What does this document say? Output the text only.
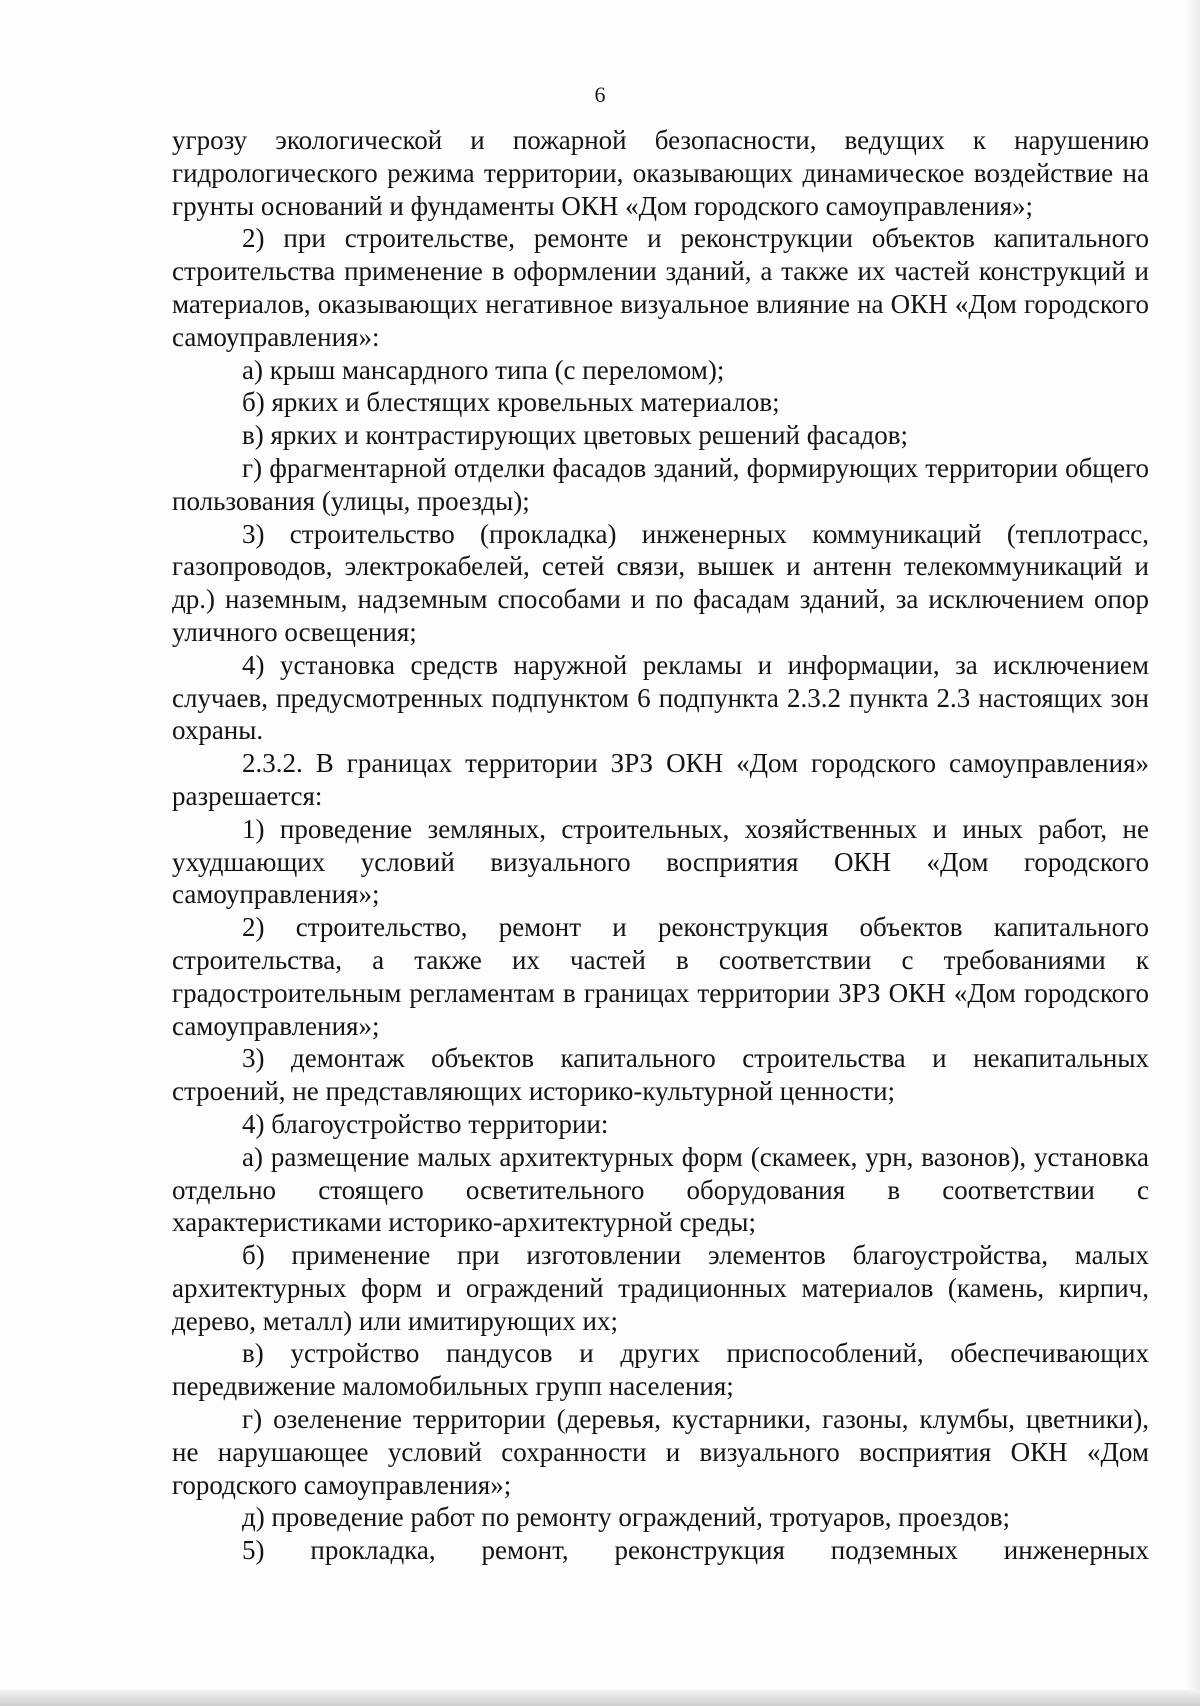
6

угрозу экологической и пожарной безопасности, ведущих к нарушению гидрологического режима территории, оказывающих динамическое воздействие на грунты оснований и фундаменты ОКН «Дом городского самоуправления»;

2) при строительстве, ремонте и реконструкции объектов капитального строительства применение в оформлении зданий, а также их частей конструкций и материалов, оказывающих негативное визуальное влияние на ОКН «Дом городского самоуправления»:

а) крыш мансардного типа (с переломом);

б) ярких и блестящих кровельных материалов;

в) ярких и контрастирующих цветовых решений фасадов;

г) фрагментарной отделки фасадов зданий, формирующих территории общего пользования (улицы, проезды);

3) строительство (прокладка) инженерных коммуникаций (теплотрасс, газопроводов, электрокабелей, сетей связи, вышек и антенн телекоммуникаций и др.) наземным, надземным способами и по фасадам зданий, за исключением опор уличного освещения;

4) установка средств наружной рекламы и информации, за исключением случаев, предусмотренных подпунктом 6 подпункта 2.3.2 пункта 2.3 настоящих зон охраны.

2.3.2. В границах территории ЗРЗ ОКН «Дом городского самоуправления» разрешается:

1) проведение земляных, строительных, хозяйственных и иных работ, не ухудшающих условий визуального восприятия ОКН «Дом городского самоуправления»;

2) строительство, ремонт и реконструкция объектов капитального строительства, а также их частей в соответствии с требованиями к градостроительным регламентам в границах территории ЗРЗ ОКН «Дом городского самоуправления»;

3) демонтаж объектов капитального строительства и некапитальных строений, не представляющих историко-культурной ценности;

4) благоустройство территории:

а) размещение малых архитектурных форм (скамеек, урн, вазонов), установка отдельно стоящего осветительного оборудования в соответствии с характеристиками историко-архитектурной среды;

б) применение при изготовлении элементов благоустройства, малых архитектурных форм и ограждений традиционных материалов (камень, кирпич, дерево, металл) или имитирующих их;

в) устройство пандусов и других приспособлений, обеспечивающих передвижение маломобильных групп населения;

г) озеленение территории (деревья, кустарники, газоны, клумбы, цветники), не нарушающее условий сохранности и визуального восприятия ОКН «Дом городского самоуправления»;

д) проведение работ по ремонту ограждений, тротуаров, проездов;

5) прокладка, ремонт, реконструкция подземных инженерных
